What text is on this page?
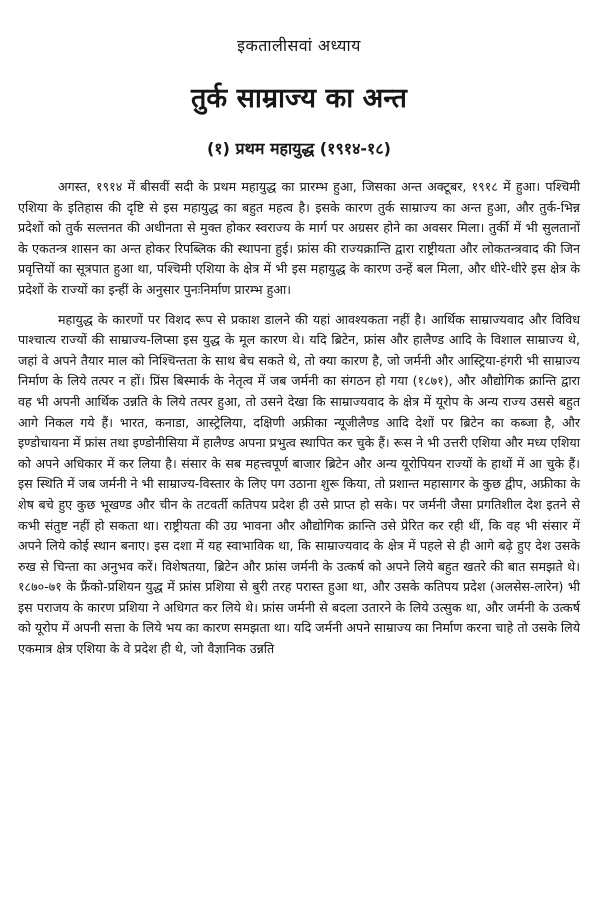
इकतालीसवां अध्याय
तुर्क साम्राज्य का अन्त
(१) प्रथम महायुद्ध (१९१४-१८)

अगस्त, १९१४ में बीसवीं सदी के प्रथम महायुद्ध का प्रारम्भ हुआ, जिसका अन्त अक्टूबर, १९१८ में हुआ। पश्चिमी एशिया के इतिहास की दृष्टि से इस महायुद्ध का बहुत महत्व है। इसके कारण तुर्क साम्राज्य का अन्त हुआ, और तुर्क-भिन्न प्रदेशों को तुर्क सल्तनत की अधीनता से मुक्त होकर स्वराज्य के मार्ग पर अग्रसर होने का अवसर मिला। तुर्की में भी सुलतानों के एकतन्त्र शासन का अन्त होकर रिपब्लिक की स्थापना हुई। फ्रांस की राज्यक्रान्ति द्वारा राष्ट्रीयता और लोकतन्त्रवाद की जिन प्रवृत्तियों का सूत्रपात हुआ था, पश्चिमी एशिया के क्षेत्र में भी इस महायुद्ध के कारण उन्हें बल मिला, और धीरे-धीरे इस क्षेत्र के प्रदेशों के राज्यों का इन्हीं के अनुसार पुनःनिर्माण प्रारम्भ हुआ।

महायुद्ध के कारणों पर विशद रूप से प्रकाश डालने की यहां आवश्यकता नहीं है। आर्थिक साम्राज्यवाद और विविध पाश्चात्य राज्यों की साम्राज्य-लिप्सा इस युद्ध के मूल कारण थे। यदि ब्रिटेन, फ्रांस और हालैण्ड आदि के विशाल साम्राज्य थे, जहां वे अपने तैयार माल को निश्चिन्तता के साथ बेच सकते थे, तो क्या कारण है, जो जर्मनी और आस्ट्रिया-हंगरी भी साम्राज्य निर्माण के लिये तत्पर न हों। प्रिंस बिस्मार्क के नेतृत्व में जब जर्मनी का संगठन हो गया (१८७१), और औद्योगिक क्रान्ति द्वारा वह भी अपनी आर्थिक उन्नति के लिये तत्पर हुआ, तो उसने देखा कि साम्राज्यवाद के क्षेत्र में यूरोप के अन्य राज्य उससे बहुत आगे निकल गये हैं। भारत, कनाडा, आस्ट्रेलिया, दक्षिणी अफ्रीका न्यूजीलैण्ड आदि देशों पर ब्रिटेन का कब्जा है, और इण्डोचायना में फ्रांस तथा इण्डोनीसिया में हालैण्ड अपना प्रभुत्व स्थापित कर चुके हैं। रूस ने भी उत्तरी एशिया और मध्य एशिया को अपने अधिकार में कर लिया है। संसार के सब महत्त्वपूर्ण बाजार ब्रिटेन और अन्य यूरोपियन राज्यों के हाथों में आ चुके हैं। इस स्थिति में जब जर्मनी ने भी साम्राज्य-विस्तार के लिए पग उठाना शुरू किया, तो प्रशान्त महासागर के कुछ द्वीप, अफ्रीका के शेष बचे हुए कुछ भूखण्ड और चीन के तटवर्ती कतिपय प्रदेश ही उसे प्राप्त हो सके। पर जर्मनी जैसा प्रगतिशील देश इतने से कभी संतुष्ट नहीं हो सकता था। राष्ट्रीयता की उग्र भावना और औद्योगिक क्रान्ति उसे प्रेरित कर रही थीं, कि वह भी संसार में अपने लिये कोई स्थान बनाए। इस दशा में यह स्वाभाविक था, कि साम्राज्यवाद के क्षेत्र में पहले से ही आगे बढ़े हुए देश उसके रुख से चिन्ता का अनुभव करें। विशेषतया, ब्रिटेन और फ्रांस जर्मनी के उत्कर्ष को अपने लिये बहुत खतरे की बात समझते थे। १८७०-७१ के फ्रैंको-प्रशियन युद्ध में फ्रांस प्रशिया से बुरी तरह परास्त हुआ था, और उसके कतिपय प्रदेश (अलसेस-लारेन) भी इस पराजय के कारण प्रशिया ने अधिगत कर लिये थे। फ्रांस जर्मनी से बदला उतारने के लिये उत्सुक था, और जर्मनी के उत्कर्ष को यूरोप में अपनी सत्ता के लिये भय का कारण समझता था। यदि जर्मनी अपने साम्राज्य का निर्माण करना चाहे तो उसके लिये एकमात्र क्षेत्र एशिया के वे प्रदेश ही थे, जो वैज्ञानिक उन्नति
